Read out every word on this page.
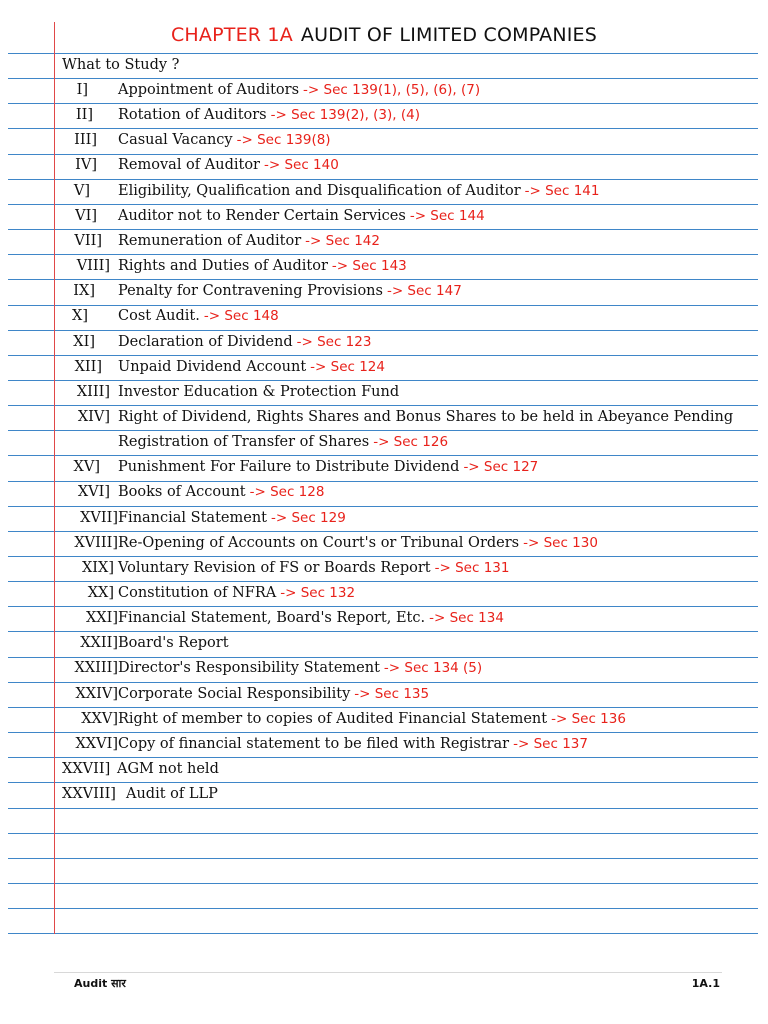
CHAPTER 1A AUDIT OF LIMITED COMPANIES
What to Study ?
I] Appointment of Auditors -> Sec 139(1), (5), (6), (7)
II] Rotation of Auditors -> Sec 139(2), (3), (4)
III] Casual Vacancy -> Sec 139(8)
IV] Removal of Auditor -> Sec 140
V] Eligibility, Qualification and Disqualification of Auditor -> Sec 141
VI] Auditor not to Render Certain Services -> Sec 144
VII] Remuneration of Auditor -> Sec 142
VIII] Rights and Duties of Auditor -> Sec 143
IX] Penalty for Contravening Provisions -> Sec 147
X] Cost Audit. -> Sec 148
XI] Declaration of Dividend -> Sec 123
XII] Unpaid Dividend Account -> Sec 124
XIII] Investor Education & Protection Fund
XIV] Right of Dividend, Rights Shares and Bonus Shares to be held in Abeyance Pending
Registration of Transfer of Shares -> Sec 126
XV] Punishment For Failure to Distribute Dividend -> Sec 127
XVI] Books of Account -> Sec 128
XVII] Financial Statement -> Sec 129
XVIII] Re-Opening of Accounts on Court's or Tribunal Orders -> Sec 130
XIX] Voluntary Revision of FS or Boards Report -> Sec 131
XX] Constitution of NFRA -> Sec 132
XXI] Financial Statement, Board's Report, Etc. -> Sec 134
XXII] Board's Report
XXIII] Director's Responsibility Statement -> Sec 134 (5)
XXIV] Corporate Social Responsibility -> Sec 135
XXV] Right of member to copies of Audited Financial Statement -> Sec 136
XXVI] Copy of financial statement to be filed with Registrar -> Sec 137
XXVII] AGM not held
XXVIII] Audit of LLP
Audit सार	1A.1
